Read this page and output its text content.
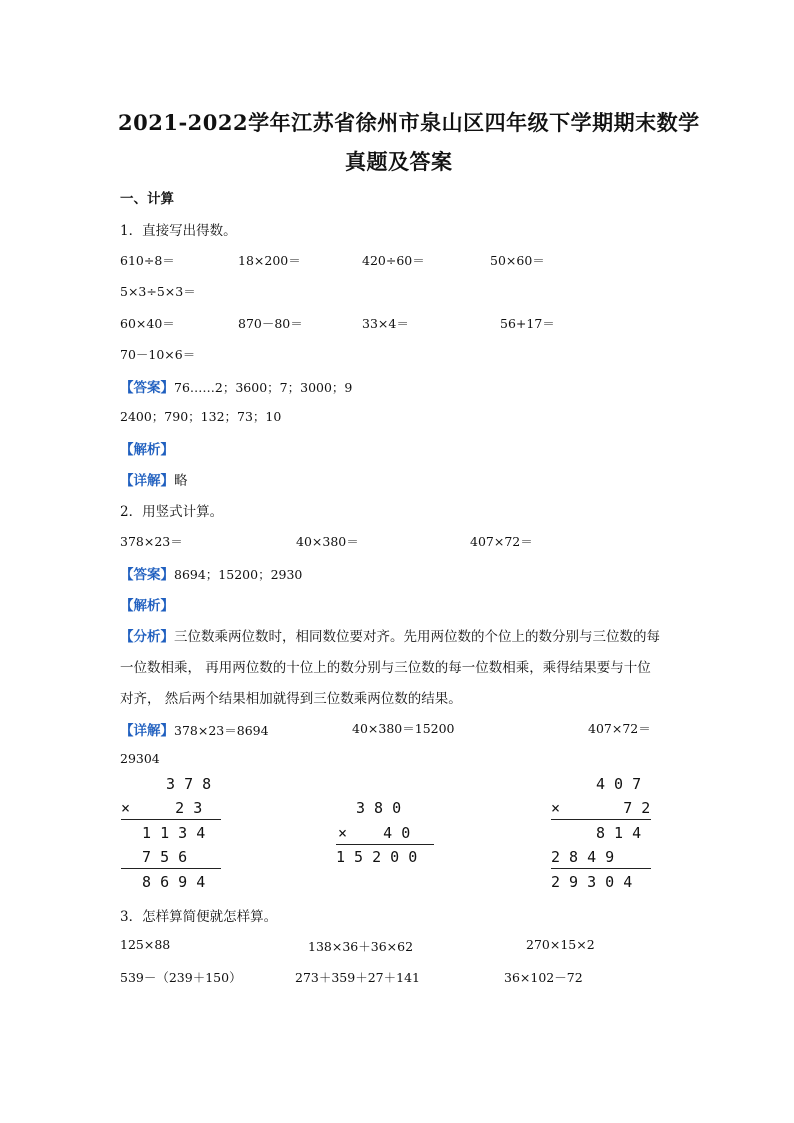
2021-2022学年江苏省徐州市泉山区四年级下学期期末数学
真题及答案
一、计算
1．直接写出得数。
610÷8＝	18×200＝	420÷60＝	50×60＝
5×3÷5×3＝
60×40＝	870－80＝	33×4＝	56+17＝
70－10×6＝
【答案】76……2；3600；7；3000；9
2400；790；132；73；10
【解析】
【详解】略
2．用竖式计算。
378×23＝	40×380＝	407×72＝
【答案】8694；15200；2930
【解析】
【分析】三位数乘两位数时，相同数位要对齐。先用两位数的个位上的数分别与三位数的每
一位数相乘， 再用两位数的十位上的数分别与三位数的每一位数相乘，乘得结果要与十位
对齐， 然后两个结果相加就得到三位数乘两位数的结果。
【详解】378×23＝8694	40×380＝15200	407×72＝
29304
3 7 8
×     2 3
1 1 3 4
7 5 6
8 6 9 4
3 8 0
×    4 0
1 5 2 0 0
4 0 7
×       7 2
8 1 4
2 8 4 9
2 9 3 0 4
3．怎样算简便就怎样算。
125×88	138×36＋36×62	270×15×2
539－（239＋150）	273＋359＋27＋141	36×102－72
